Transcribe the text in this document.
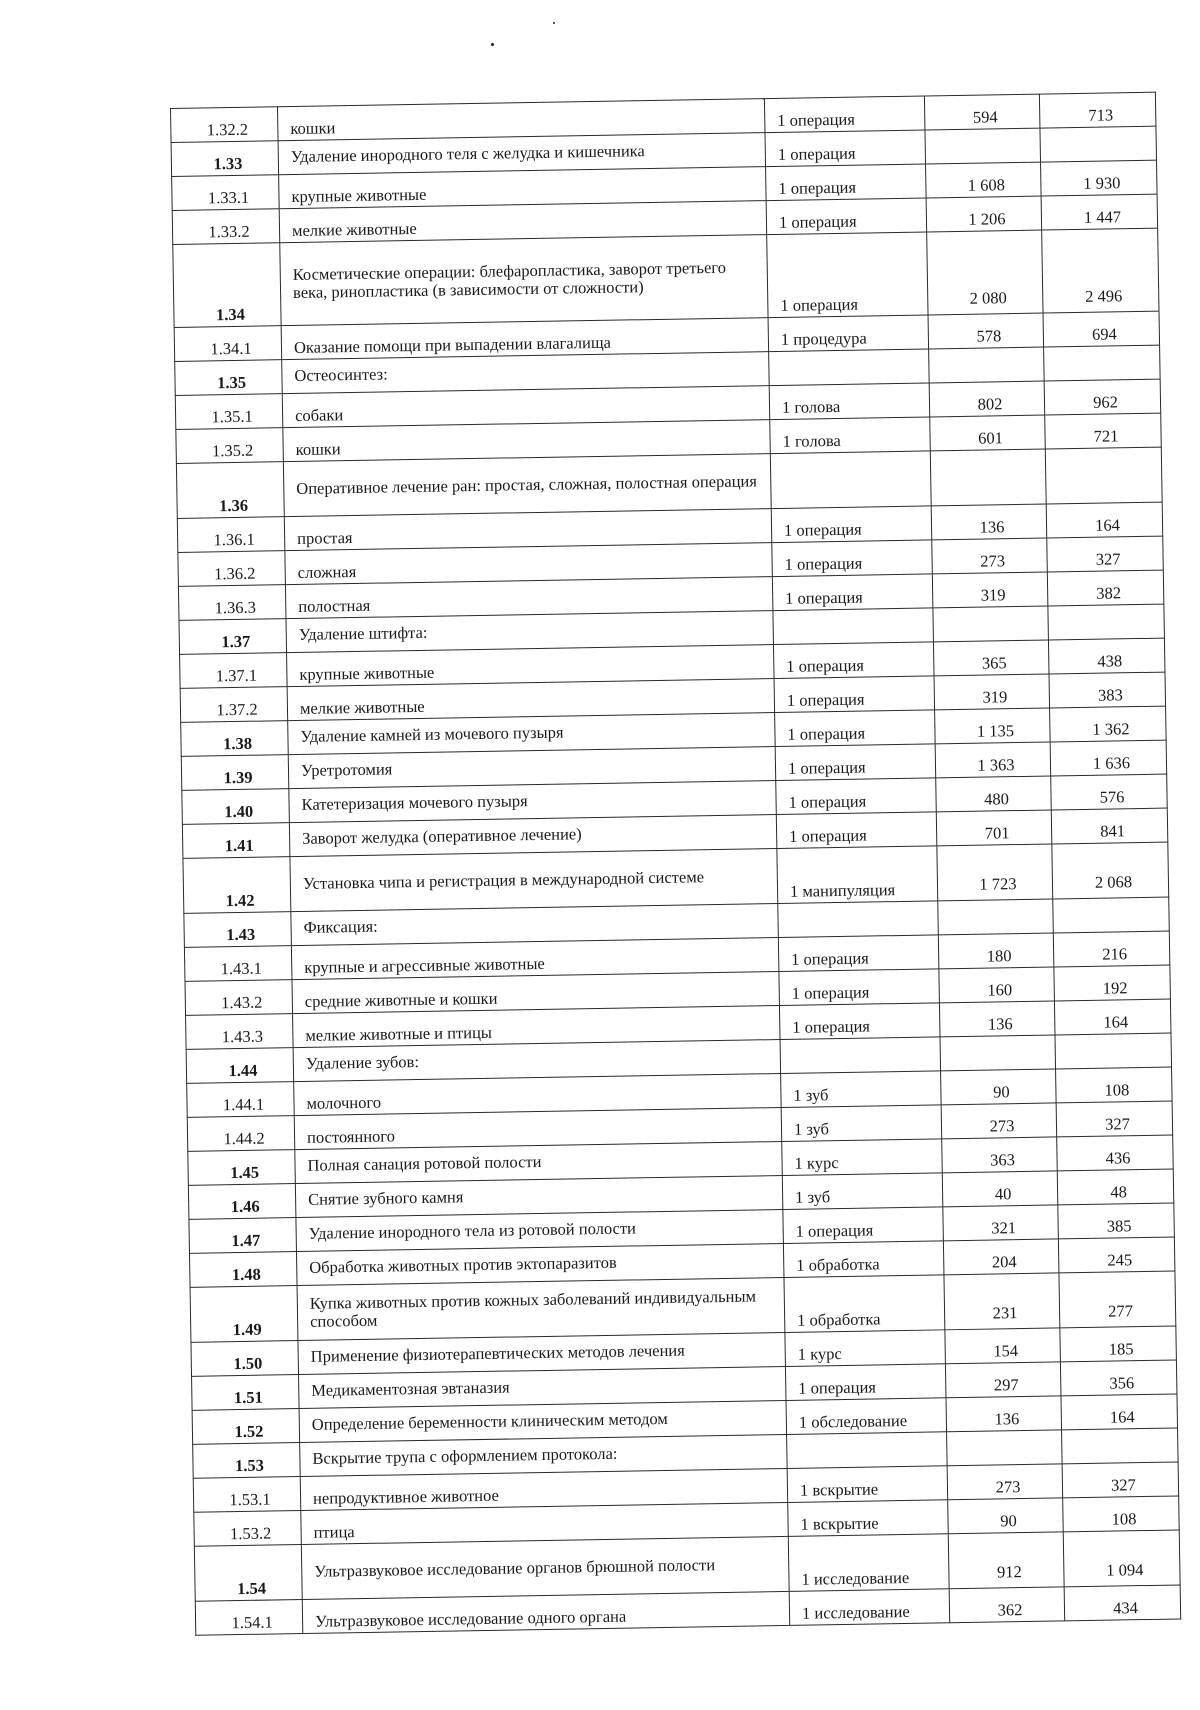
1.32.2	кошки	1 операция	594	713
1.33	Удаление инородного теля с желудка и кишечника	1 операция		
1.33.1	крупные животные	1 операция	1 608	1 930
1.33.2	мелкие животные	1 операция	1 206	1 447
1.34	Косметические операции: блефаропластика, заворот третьего века, ринопластика (в зависимости от сложности)	1 операция	2 080	2 496
1.34.1	Оказание помощи при выпадении влагалища	1 процедура	578	694
1.35	Остеосинтез:			
1.35.1	собаки	1 голова	802	962
1.35.2	кошки	1 голова	601	721
1.36	Оперативное лечение ран: простая, сложная, полостная операция			
1.36.1	простая	1 операция	136	164
1.36.2	сложная	1 операция	273	327
1.36.3	полостная	1 операция	319	382
1.37	Удаление штифта:			
1.37.1	крупные животные	1 операция	365	438
1.37.2	мелкие животные	1 операция	319	383
1.38	Удаление камней из мочевого пузыря	1 операция	1 135	1 362
1.39	Уретротомия	1 операция	1 363	1 636
1.40	Катетеризация мочевого пузыря	1 операция	480	576
1.41	Заворот желудка (оперативное лечение)	1 операция	701	841
1.42	Установка чипа и регистрация в международной системе	1 манипуляция	1 723	2 068
1.43	Фиксация:			
1.43.1	крупные и агрессивные животные	1 операция	180	216
1.43.2	средние животные и кошки	1 операция	160	192
1.43.3	мелкие животные и птицы	1 операция	136	164
1.44	Удаление зубов:			
1.44.1	молочного	1 зуб	90	108
1.44.2	постоянного	1 зуб	273	327
1.45	Полная санация ротовой полости	1 курс	363	436
1.46	Снятие зубного камня	1 зуб	40	48
1.47	Удаление инородного тела из ротовой полости	1 операция	321	385
1.48	Обработка животных против эктопаразитов	1 обработка	204	245
1.49	Купка животных против кожных заболеваний индивидуальным способом	1 обработка	231	277
1.50	Применение физиотерапевтических методов лечения	1 курс	154	185
1.51	Медикаментозная эвтаназия	1 операция	297	356
1.52	Определение беременности клиническим методом	1 обследование	136	164
1.53	Вскрытие трупа с оформлением протокола:			
1.53.1	непродуктивное животное	1 вскрытие	273	327
1.53.2	птица	1 вскрытие	90	108
1.54	Ультразвуковое исследование органов брюшной полости	1 исследование	912	1 094
1.54.1	Ультразвуковое исследование одного органа	1 исследование	362	434
